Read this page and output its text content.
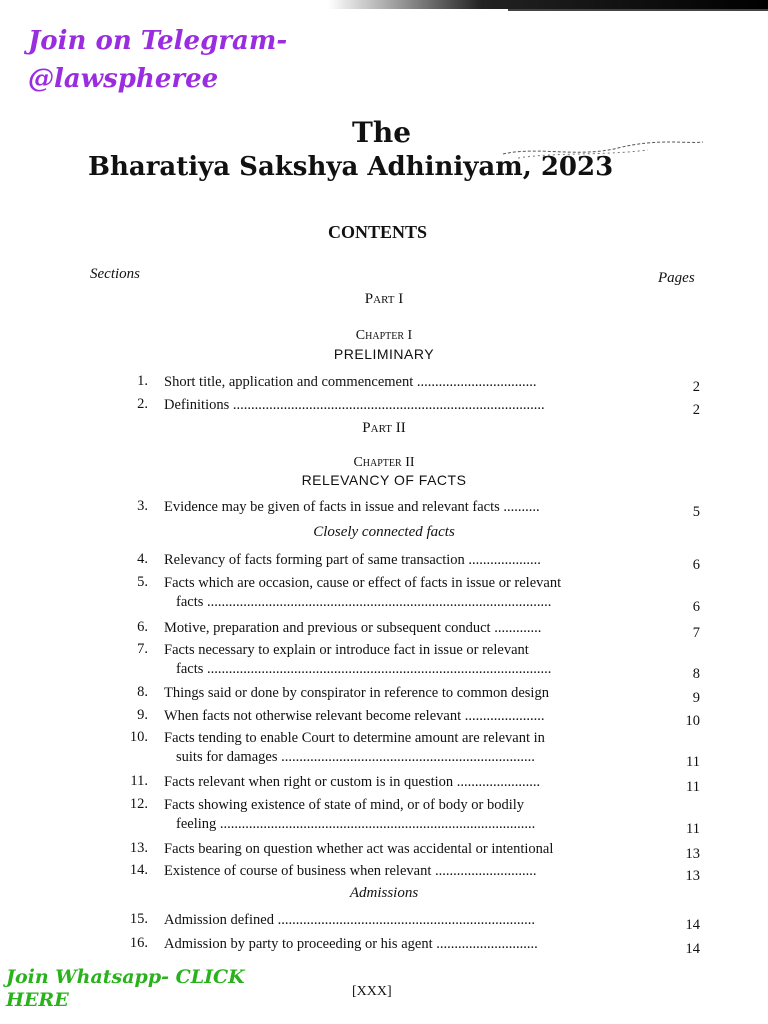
Join on Telegram- @lawspheree
The
Bharatiya Sakshya Adhiniyam, 2023
CONTENTS
Sections	Pages
Part I
Chapter I
PRELIMINARY
Part II
Chapter II
RELEVANCY OF FACTS
Closely connected facts
Admissions
1. Short title, application and commencement .................................	2
2. Definitions ......................................................................................	2
3. Evidence may be given of facts in issue and relevant facts ..........	5
4. Relevancy of facts forming part of same transaction ....................	6
5. Facts which are occasion, cause or effect of facts in issue or relevant
facts ...............................................................................................	6
6. Motive, preparation and previous or subsequent conduct .............	7
7. Facts necessary to explain or introduce fact in issue or relevant
facts ...............................................................................................	8
8. Things said or done by conspirator in reference to common design	9
9. When facts not otherwise relevant become relevant ......................	10
10. Facts tending to enable Court to determine amount are relevant in
suits for damages ......................................................................	11
11. Facts relevant when right or custom is in question .......................	11
12. Facts showing existence of state of mind, or of body or bodily
feeling .......................................................................................	11
13. Facts bearing on question whether act was accidental or intentional	13
14. Existence of course of business when relevant ............................	13
15. Admission defined .......................................................................	14
16. Admission by party to proceeding or his agent ............................	14
Join Whatsapp- CLICK HERE	[XXX]
